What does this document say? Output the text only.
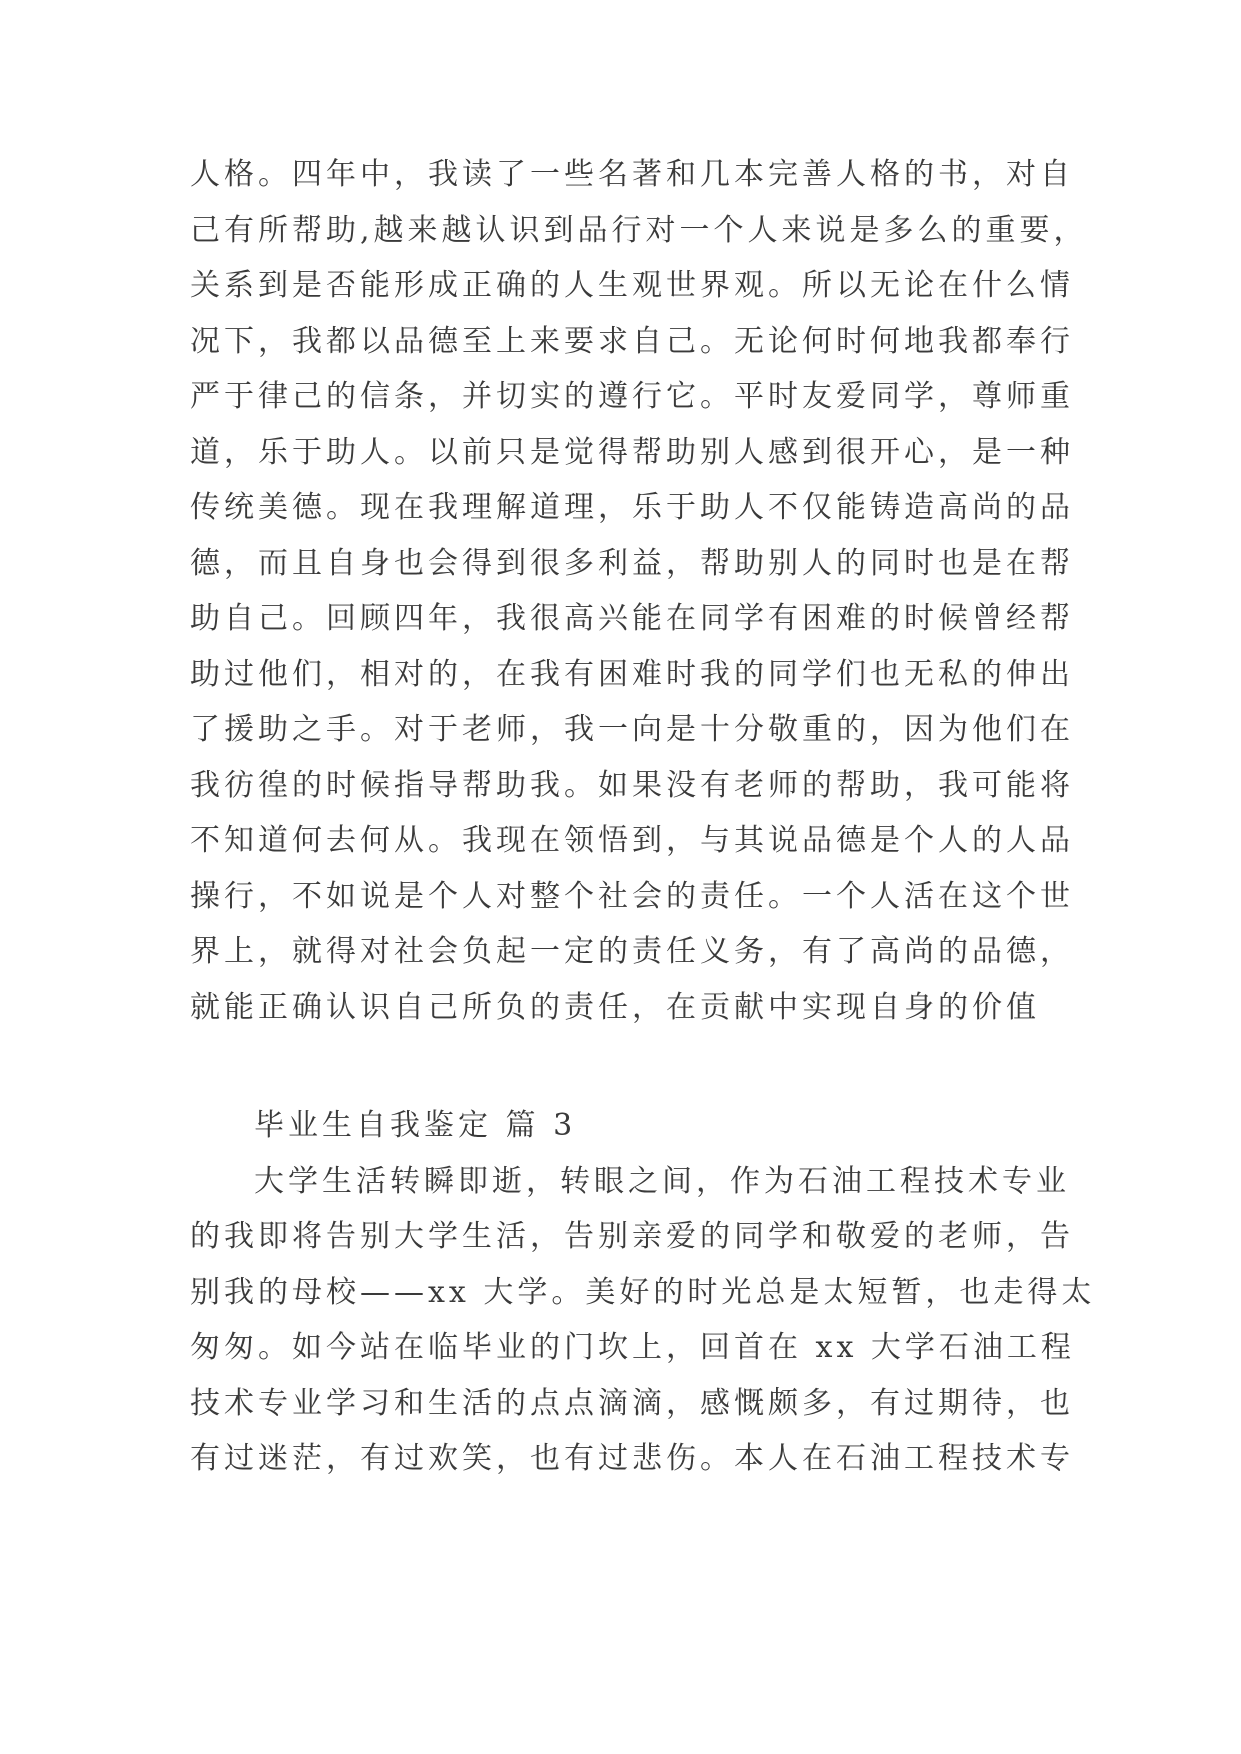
人格。四年中，我读了一些名著和几本完善人格的书，对自
己有所帮助,越来越认识到品行对一个人来说是多么的重要，
关系到是否能形成正确的人生观世界观。所以无论在什么情
况下，我都以品德至上来要求自己。无论何时何地我都奉行
严于律己的信条，并切实的遵行它。平时友爱同学，尊师重
道，乐于助人。以前只是觉得帮助别人感到很开心，是一种
传统美德。现在我理解道理，乐于助人不仅能铸造高尚的品
德，而且自身也会得到很多利益，帮助别人的同时也是在帮
助自己。回顾四年，我很高兴能在同学有困难的时候曾经帮
助过他们，相对的，在我有困难时我的同学们也无私的伸出
了援助之手。对于老师，我一向是十分敬重的，因为他们在
我彷徨的时候指导帮助我。如果没有老师的帮助，我可能将
不知道何去何从。我现在领悟到，与其说品德是个人的人品
操行，不如说是个人对整个社会的责任。一个人活在这个世
界上，就得对社会负起一定的责任义务，有了高尚的品德，
就能正确认识自己所负的责任，在贡献中实现自身的价值
毕业生自我鉴定 篇 3
大学生活转瞬即逝，转眼之间，作为石油工程技术专业
的我即将告别大学生活，告别亲爱的同学和敬爱的老师，告
别我的母校——xx 大学。美好的时光总是太短暂，也走得太
匆匆。如今站在临毕业的门坎上，回首在 xx 大学石油工程
技术专业学习和生活的点点滴滴，感慨颇多，有过期待，也
有过迷茫，有过欢笑，也有过悲伤。本人在石油工程技术专
